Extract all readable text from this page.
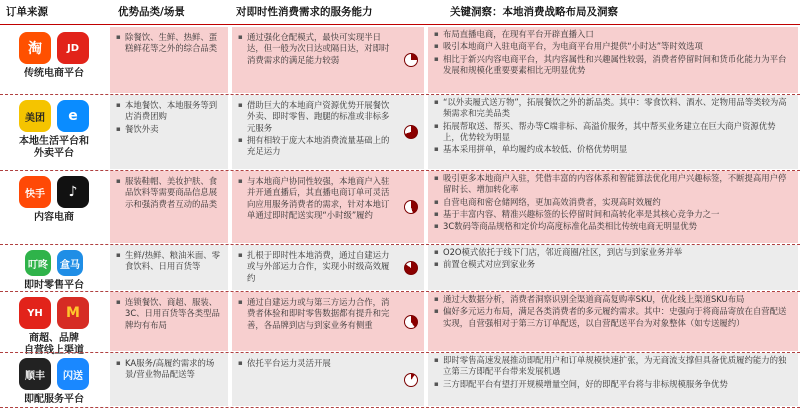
订单来源	优势品类/场景	对即时性消费需求的服务能力	关键洞察：本地消费战略布局及洞察
淘	JD
传统电商平台
▪ 除餐饮、生鲜、热鲜、蛋糕鲜花等之外的综合品类
▪ 通过强化仓配模式，最快可实现半日达，但一般为次日达或隔日达，对即时消费需求的满足能力较弱
▪ 布局直播电商，在现有平台开辟直播入口
▪ 吸引本地商户入驻电商平台，为电商平台用户提供“小时达”等时效选项
▪ 相比于新兴内容电商平台，其内容属性和兴趣属性较弱，消费者停留时间和货币化能力为平台发展和规模化重要要素相比无明显优势
美团	e
本地生活平台和
外卖平台
▪ 本地餐饮、本地服务等到店消费团购
▪ 餐饮外卖
▪ 借助巨大的本地商户资源优势开展餐饮外卖、即时零售、跑腿的标准或非标多元服务
▪ 拥有相较于庞大本地消费流量基础上的充足运力
▪ “以外卖履式送万物”，拓展餐饮之外的新品类。其中：零食饮料、酒水、定物用品等类较为高频需求和完美品类
▪ 拓展帮取送、帮买、帮办等C端非标、高溢价服务，其中帮买业务建立在巨大商户资源优势上，优势较为明显
▪ 基本采用拼单，单均履约成本较低、价格优势明显
快手	♪
内容电商
▪ 服装鞋帽、美妆护肤、食品饮料等需要商品信息展示和强消费者互动的品类
▪ 与本地商户协同性较强，本地商户入驻并开通直播后，其直播电商订单可灵活向应用服务消费者的需求，针对本地订单通过即时配送实现“小时级”履约
▪ 吸引更多本地商户入驻，凭借丰富的内容体系和智能算法优化用户兴趣标签，不断提高用户停留时长、增加转化率
▪ 自营电商和密仓储网络，更加高效消费者，实现高时效履约
▪ 基于丰富内容、精准兴趣标签的长停留时间和高转化率是其核心竞争力之一
▪ 3C数码等商品规格和定价均高度标准化品类相比传统电商无明显优势
叮咚	盒马
即时零售平台
▪ 生鲜/热鲜、粮油米面、零食饮料、日用百货等
▪ 扎根于即时性本地消费，通过自建运力或与外部运力合作，实现小时级高效履约
▪ O2O模式依托于线下门店，邻近商圈/社区，到店与到家业务并举
▪ 前置仓模式对应到家业务
YH	M
商超、品牌
自营线上渠道
▪ 连锁餐饮、商超、服装、3C、日用百货等各类型品牌均有布局
▪ 通过自建运力或与第三方运力合作，消费者体验和即时零售数据都有提升和完善，各品牌到店与到家业务有侧重
▪ 通过大数据分析，消费者洞察识别全渠道商高复购率SKU，优化线上渠道SKU布局
▪ 偏好多元运力布局，满足各类消费者的多元履约需求。其中：史强向于将商品寄放在自营配送实现，自营强相对于第三方订单配送，以自营配送平台为对象整体（如专送履约）
顺丰	闪送
即配服务平台
▪ KA服务/高履约需求的场景/营业物品配送等
▪ 依托平台运力灵活开展
▪	即时零售高速发展推动即配用户和订单规模快速扩张，为无商流支撑但具备优质履约能力的独立第三方即配平台带来发展机遇
▪ 三方即配平台有望打开规模增量空间，好的即配平台将与非标规模服务争优势
